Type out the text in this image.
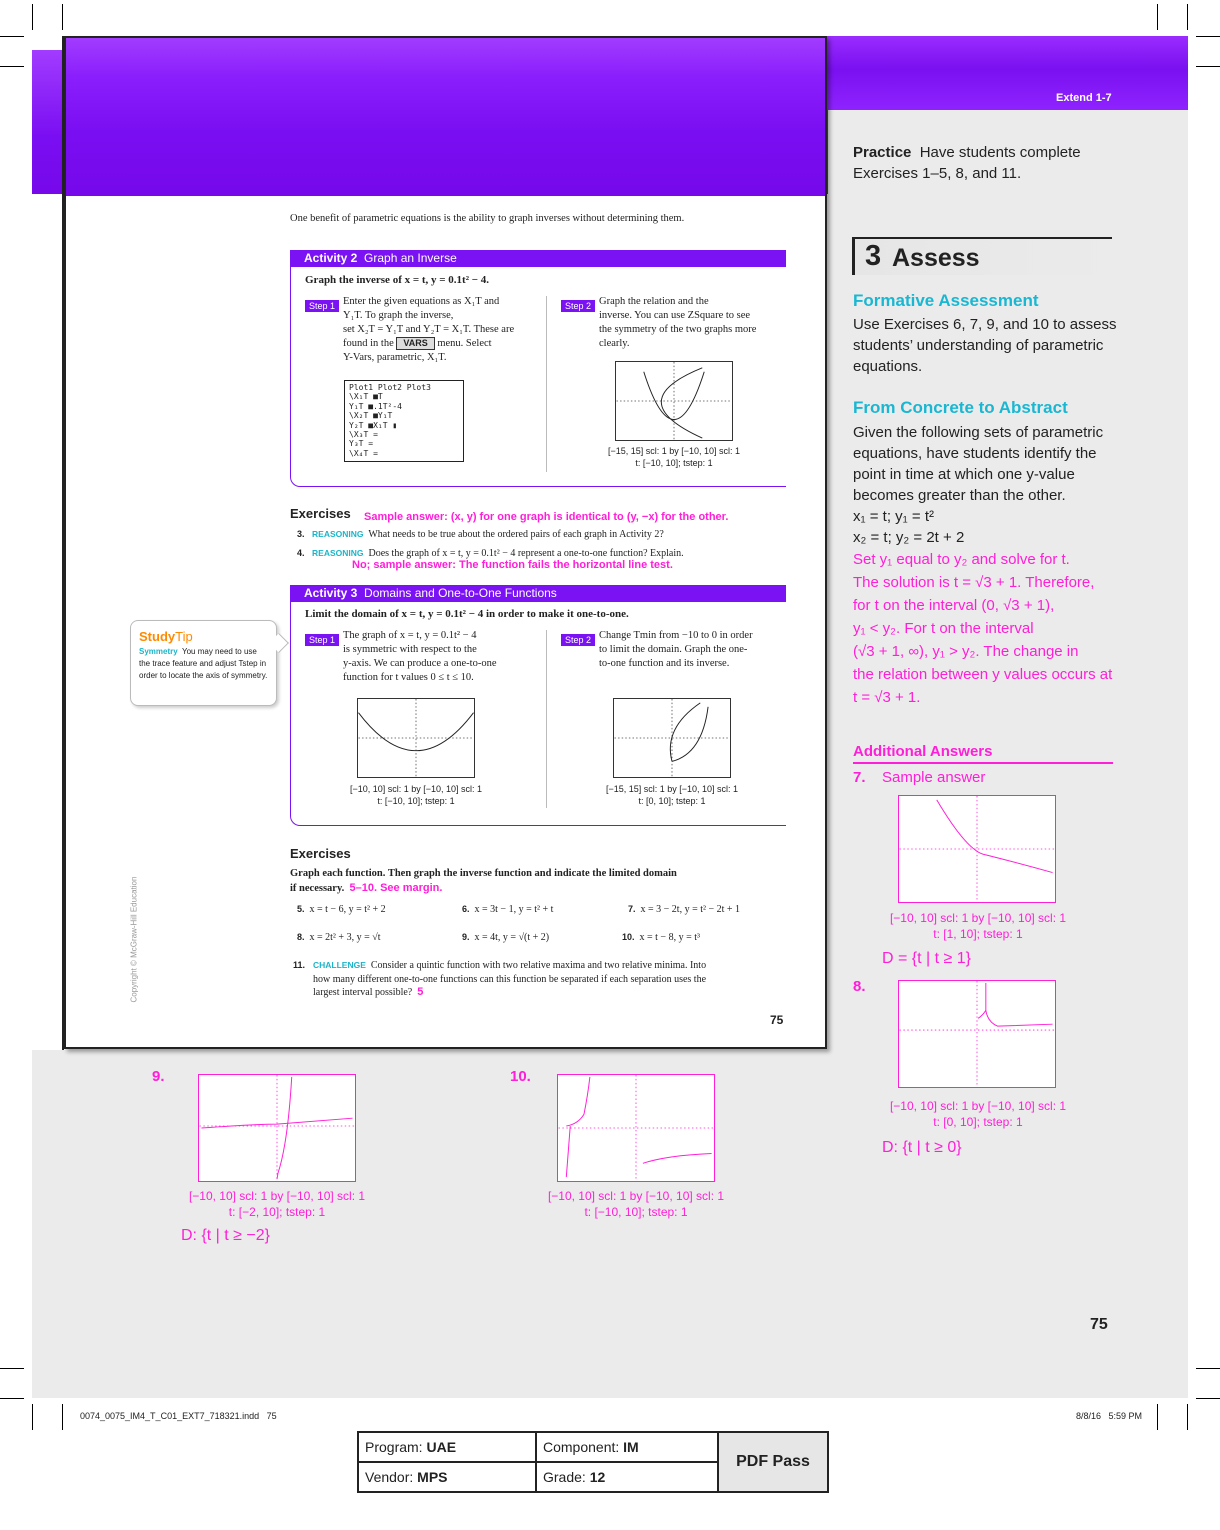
Extend 1-7
One benefit of parametric equations is the ability to graph inverses without determining them.
Activity 2 Graph an Inverse
Graph the inverse of x = t, y = 0.1t² − 4.
Step 1 Enter the given equations as X₁T and
Y₁T. To graph the inverse,
set X₂T = Y₁T and Y₂T = X₁T. These are
found in the VARS menu. Select
Y-Vars, parametric, X₁T.
Plot1 Plot2 Plot3
\X₁T ■T
Y₁T ■.1T²-4
\X₂T ■Y₁T
Y₂T ■X₁T ▮
\X₃T =
Y₃T =
\X₄T =
Step 2 Graph the relation and the
inverse. You can use ZSquare to see
the symmetry of the two graphs more
clearly.
[−15, 15] scl: 1 by [−10, 10] scl: 1
t: [−10, 10]; tstep: 1
Exercises Sample answer: (x, y) for one graph is identical to (y, −x) for the other.
3. REASONING What needs to be true about the ordered pairs of each graph in Activity 2?
4. REASONING Does the graph of x = t, y = 0.1t² − 4 represent a one-to-one function? Explain.
No; sample answer: The function fails the horizontal line test.
Activity 3 Domains and One-to-One Functions
Limit the domain of x = t, y = 0.1t² − 4 in order to make it one-to-one.
Step 1 The graph of x = t, y = 0.1t² − 4
is symmetric with respect to the
y-axis. We can produce a one-to-one
function for t values 0 ≤ t ≤ 10.
[−10, 10] scl: 1 by [−10, 10] scl: 1
t: [−10, 10]; tstep: 1
Step 2 Change Tmin from −10 to 0 in order
to limit the domain. Graph the one-
to-one function and its inverse.
[−15, 15] scl: 1 by [−10, 10] scl: 1
t: [0, 10]; tstep: 1
Exercises
Graph each function. Then graph the inverse function and indicate the limited domain
if necessary. 5–10. See margin.
5. x = t − 6, y = t² + 2	6. x = 3t − 1, y = t² + t	7. x = 3 − 2t, y = t² − 2t + 1
8. x = 2t² + 3, y = √t	9. x = 4t, y = √(t + 2)	10. x = t − 8, y = t³
11. CHALLENGE Consider a quintic function with two relative maxima and two relative minima. Into
how many different one-to-one functions can this function be separated if each separation uses the
largest interval possible? 5
75
Copyright © McGraw-Hill Education
StudyTip
Symmetry You may need to use the trace feature and adjust Tstep in order to locate the axis of symmetry.
Practice Have students complete
Exercises 1–5, 8, and 11.
3 Assess
Formative Assessment
Use Exercises 6, 7, 9, and 10 to assess
students’ understanding of parametric
equations.
From Concrete to Abstract
Given the following sets of parametric
equations, have students identify the
point in time at which one y-value
becomes greater than the other.
x₁ = t; y₁ = t²
x₂ = t; y₂ = 2t + 2
Set y₁ equal to y₂ and solve for t.
The solution is t = √3 + 1. Therefore,
for t on the interval (0, √3 + 1),
y₁ < y₂. For t on the interval
(√3 + 1, ∞), y₁ > y₂. The change in
the relation between y values occurs at
t = √3 + 1.
Additional Answers
7. Sample answer
[−10, 10] scl: 1 by [−10, 10] scl: 1
t: [1, 10]; tstep: 1
D = {t | t ≥ 1}
8.
[−10, 10] scl: 1 by [−10, 10] scl: 1
t: [0, 10]; tstep: 1
D: {t | t ≥ 0}
75
9.
[−10, 10] scl: 1 by [−10, 10] scl: 1
t: [−2, 10]; tstep: 1
D: {t | t ≥ −2}
10.
[−10, 10] scl: 1 by [−10, 10] scl: 1
t: [−10, 10]; tstep: 1
0074_0075_IM4_T_C01_EXT7_718321.indd   75	8/8/16   5:59 PM
Program: UAE	Component: IM	PDF Pass
Vendor: MPS	Grade: 12	
